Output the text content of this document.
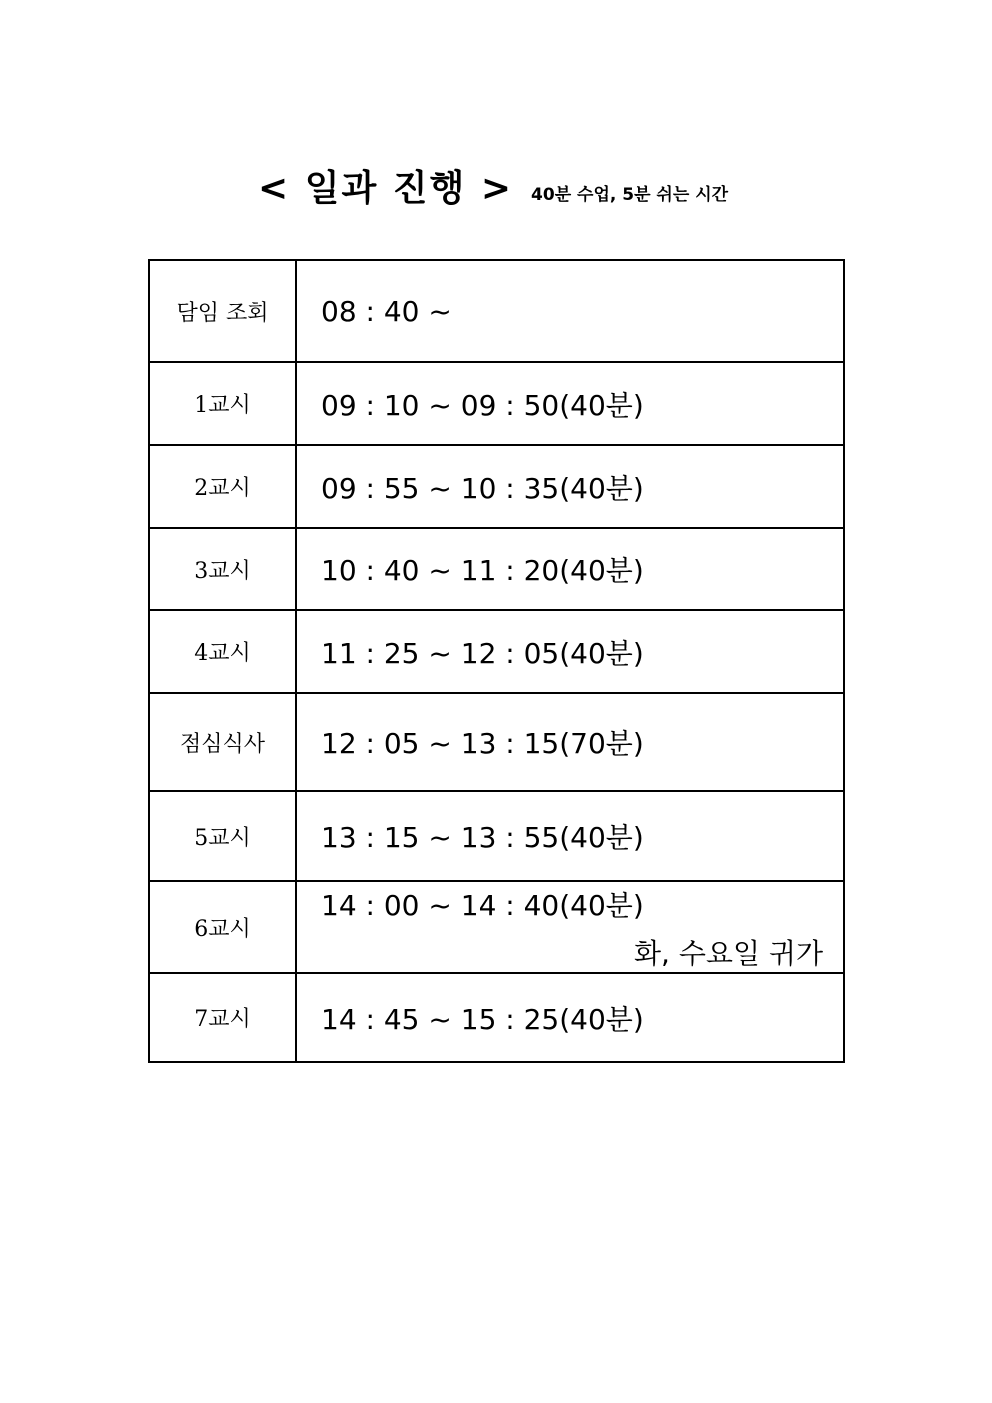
< 일과 진행 > 40분 수업, 5분 쉬는 시간
담임 조회	08 : 40 ~
1교시	09 : 10 ~ 09 : 50(40분)
2교시	09 : 55 ~ 10 : 35(40분)
3교시	10 : 40 ~ 11 : 20(40분)
4교시	11 : 25 ~ 12 : 05(40분)
점심식사	12 : 05 ~ 13 : 15(70분)
5교시	13 : 15 ~ 13 : 55(40분)
6교시	14 : 00 ~ 14 : 40(40분)
화, 수요일 귀가

7교시	14 : 45 ~ 15 : 25(40분)
